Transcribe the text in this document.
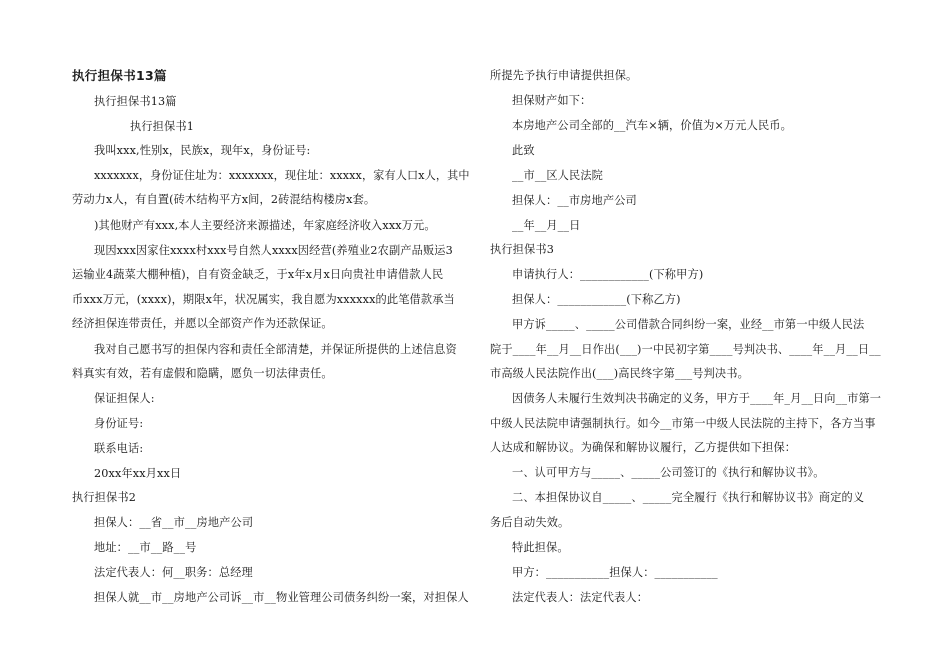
执行担保书13篇
执行担保书13篇
执行担保书1
我叫xxx,性别x，民族x，现年x，身份证号:
xxxxxxx，身份证住址为：xxxxxxx，现住址：xxxxx，家有人口x人，其中
劳动力x人，有自置(砖木结构平方x间，2砖混结构楼房x套。
)其他财产有xxx,本人主要经济来源描述，年家庭经济收入xxx万元。
现因xxx因家住xxxx村xxx号自然人xxxx因经营(养殖业2农副产品贩运3
运输业4蔬菜大棚种植)，自有资金缺乏，于x年x月x日向贵社申请借款人民
币xxx万元，(xxxx)，期限x年，状况属实，我自愿为xxxxxx的此笔借款承当
经济担保连带责任，并愿以全部资产作为还款保证。
我对自己愿书写的担保内容和责任全部清楚，并保证所提供的上述信息资
料真实有效，若有虚假和隐瞒，愿负一切法律责任。
保证担保人:
身份证号:
联系电话:
20xx年xx月xx日
执行担保书2
担保人：__省__市__房地产公司
地址：__市__路__号
法定代表人：何__职务：总经理
担保人就__市__房地产公司诉__市__物业管理公司债务纠纷一案，对担保人
所提先予执行申请提供担保。
担保财产如下：
本房地产公司全部的__汽车×辆，价值为×万元人民币。
此致
__市__区人民法院
担保人：__市房地产公司
__年__月__日
执行担保书3
申请执行人：____________(下称甲方)
担保人：____________(下称乙方)
甲方诉_____、_____公司借款合同纠纷一案，业经__市第一中级人民法
院于____年__月__日作出(___)一中民初字第____号判决书、____年__月__日__
市高级人民法院作出(___)高民终字第___号判决书。
因债务人未履行生效判决书确定的义务，甲方于____年_月__日向__市第一
中级人民法院申请强制执行。如今__市第一中级人民法院的主持下，各方当事
人达成和解协议。为确保和解协议履行，乙方提供如下担保：
一、认可甲方与_____、_____公司签订的《执行和解协议书》。
二、本担保协议自_____、_____完全履行《执行和解协议书》商定的义
务后自动失效。
特此担保。
甲方：___________担保人：___________
法定代表人：法定代表人：
